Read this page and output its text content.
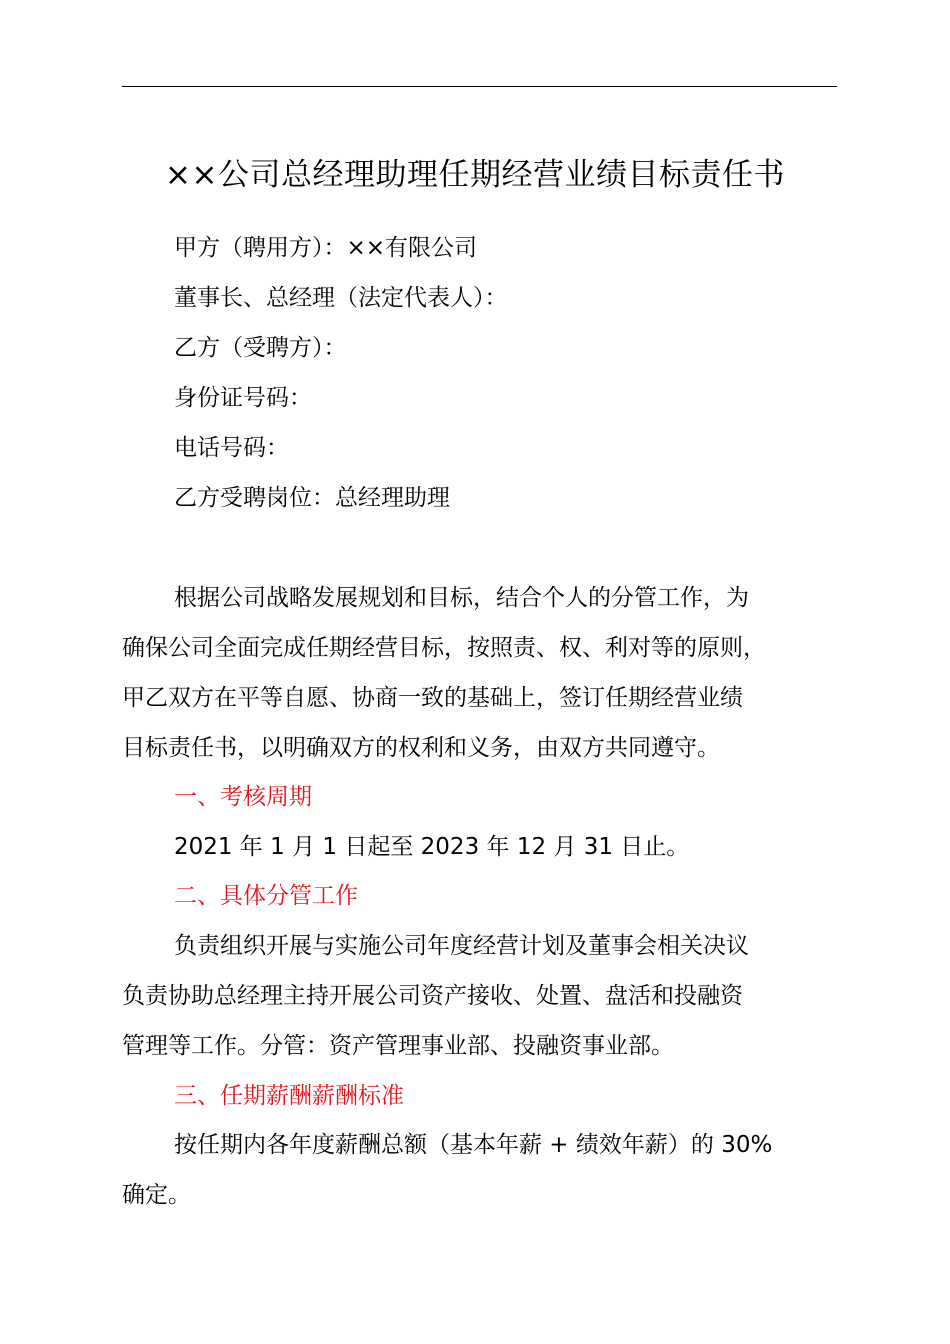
××公司总经理助理任期经营业绩目标责任书
甲方（聘用方）：××有限公司
董事长、总经理（法定代表人）：
乙方（受聘方）：
身份证号码：
电话号码：
乙方受聘岗位：总经理助理
根据公司战略发展规划和目标，结合个人的分管工作，为
确保公司全面完成任期经营目标，按照责、权、利对等的原则，
甲乙双方在平等自愿、协商一致的基础上，签订任期经营业绩
目标责任书，以明确双方的权利和义务，由双方共同遵守。
一、考核周期
2021 年 1 月 1 日起至 2023 年 12 月 31 日止。
二、具体分管工作
负责组织开展与实施公司年度经营计划及董事会相关决议
负责协助总经理主持开展公司资产接收、处置、盘活和投融资
管理等工作。分管：资产管理事业部、投融资事业部。
三、任期薪酬薪酬标准
按任期内各年度薪酬总额（基本年薪 + 绩效年薪）的 30%
确定。
